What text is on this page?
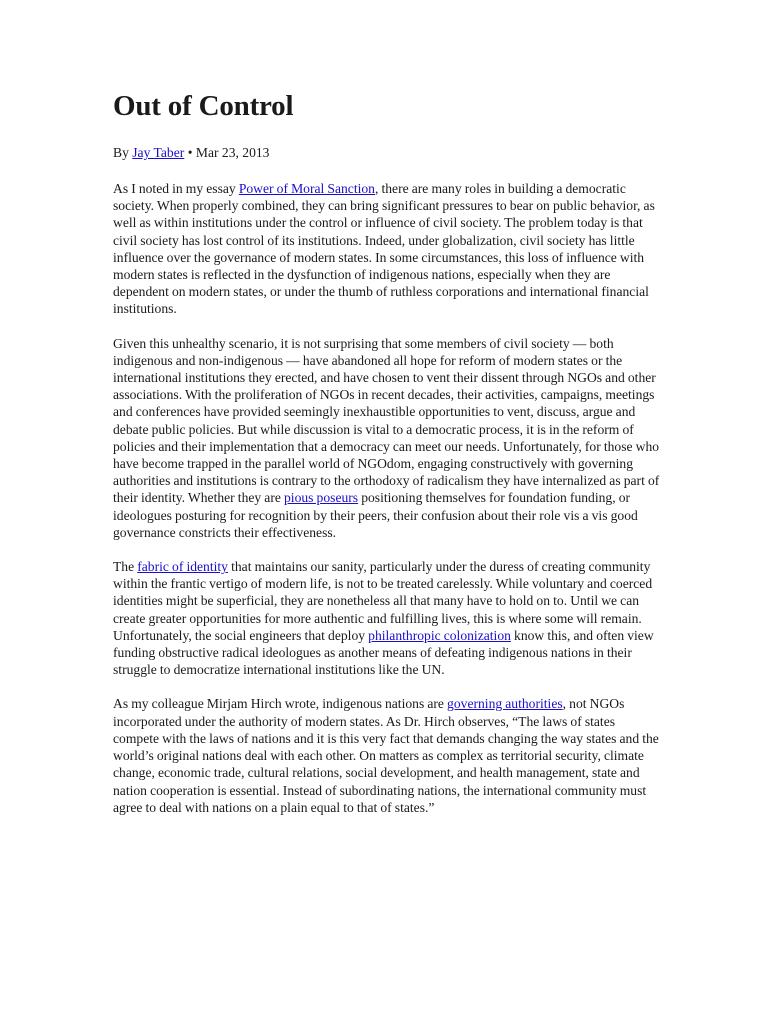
Out of Control
By Jay Taber • Mar 23, 2013

As I noted in my essay Power of Moral Sanction, there are many roles in building a democratic society. When properly combined, they can bring significant pressures to bear on public behavior, as well as within institutions under the control or influence of civil society. The problem today is that civil society has lost control of its institutions. Indeed, under globalization, civil society has little influence over the governance of modern states. In some circumstances, this loss of influence with modern states is reflected in the dysfunction of indigenous nations, especially when they are dependent on modern states, or under the thumb of ruthless corporations and international financial institutions.

Given this unhealthy scenario, it is not surprising that some members of civil society — both indigenous and non-indigenous — have abandoned all hope for reform of modern states or the international institutions they erected, and have chosen to vent their dissent through NGOs and other associations. With the proliferation of NGOs in recent decades, their activities, campaigns, meetings and conferences have provided seemingly inexhaustible opportunities to vent, discuss, argue and debate public policies. But while discussion is vital to a democratic process, it is in the reform of policies and their implementation that a democracy can meet our needs. Unfortunately, for those who have become trapped in the parallel world of NGOdom, engaging constructively with governing authorities and institutions is contrary to the orthodoxy of radicalism they have internalized as part of their identity. Whether they are pious poseurs positioning themselves for foundation funding, or ideologues posturing for recognition by their peers, their confusion about their role vis a vis good governance constricts their effectiveness.

The fabric of identity that maintains our sanity, particularly under the duress of creating community within the frantic vertigo of modern life, is not to be treated carelessly. While voluntary and coerced identities might be superficial, they are nonetheless all that many have to hold on to. Until we can create greater opportunities for more authentic and fulfilling lives, this is where some will remain. Unfortunately, the social engineers that deploy philanthropic colonization know this, and often view funding obstructive radical ideologues as another means of defeating indigenous nations in their struggle to democratize international institutions like the UN.

As my colleague Mirjam Hirch wrote, indigenous nations are governing authorities, not NGOs incorporated under the authority of modern states. As Dr. Hirch observes, “The laws of states compete with the laws of nations and it is this very fact that demands changing the way states and the world’s original nations deal with each other. On matters as complex as territorial security, climate change, economic trade, cultural relations, social development, and health management, state and nation cooperation is essential. Instead of subordinating nations, the international community must agree to deal with nations on a plain equal to that of states.”
